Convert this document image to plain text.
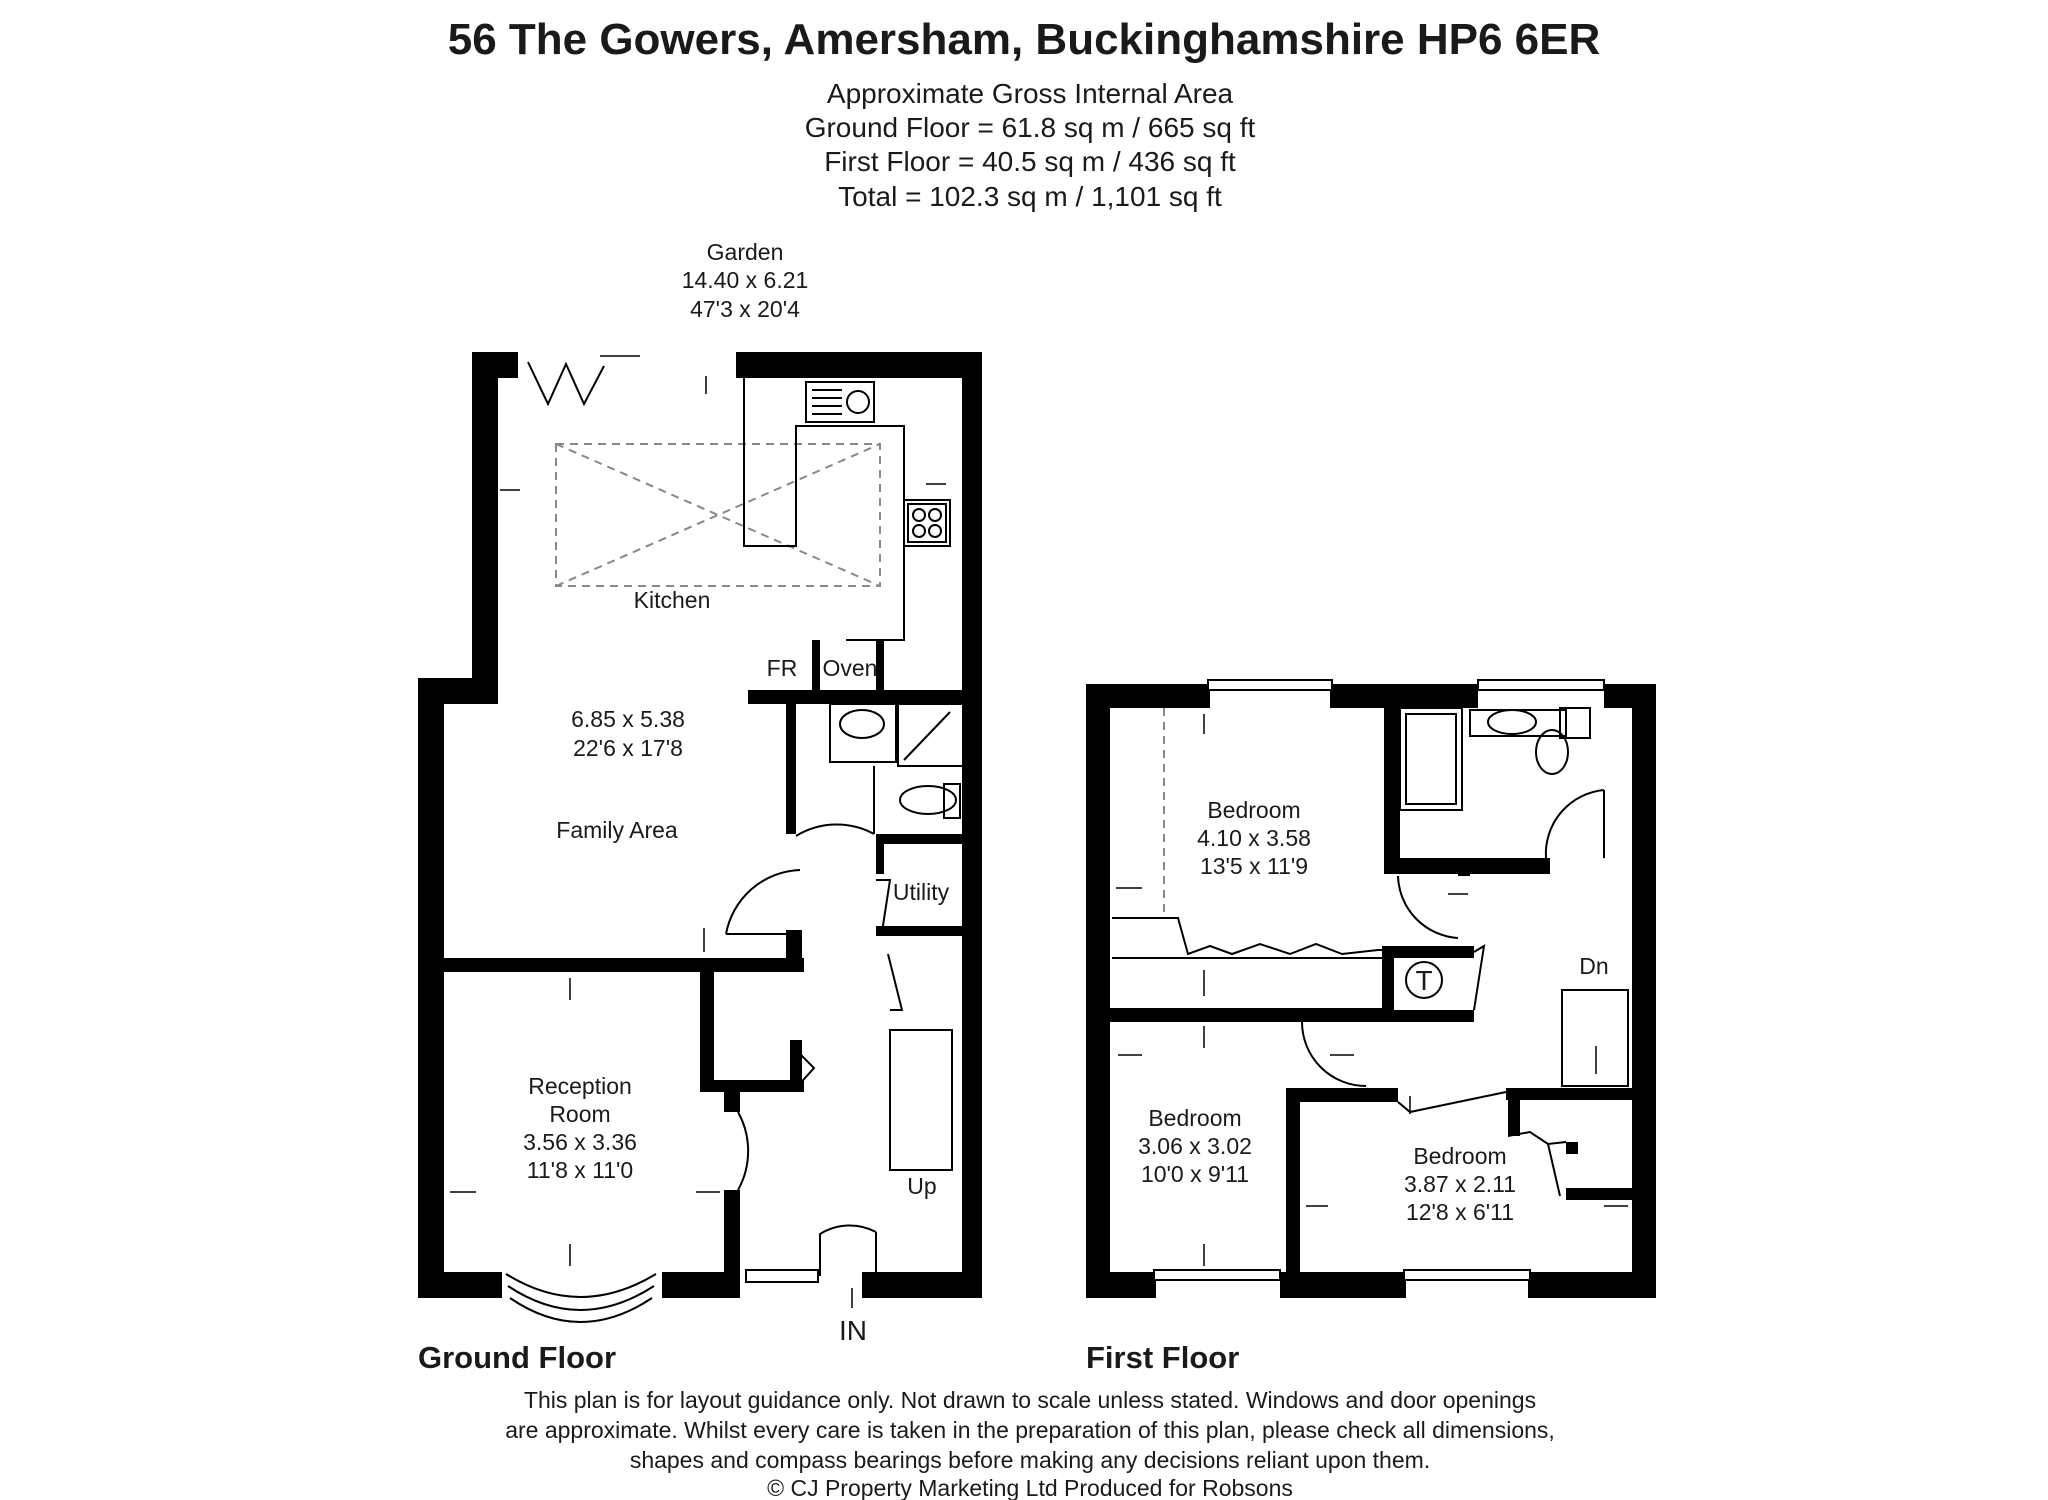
56 The Gowers, Amersham, Buckinghamshire HP6 6ER
Approximate Gross Internal Area
Ground Floor = 61.8 sq m / 665 sq ft
First Floor = 40.5 sq m / 436 sq ft
Total = 102.3 sq m / 1,101 sq ft
Garden
14.40 x 6.21
47'3 x 20'4
Kitchen
FR Oven
6.85 x 5.38
22'6 x 17'8
Family Area
Utility
Reception
Room
3.56 x 3.36
11'8 x 11'0
Up
IN
T
Bedroom
4.10 x 3.58
13'5 x 11'9
Dn
Bedroom
3.06 x 3.02
10'0 x 9'11
Bedroom
3.87 x 2.11
12'8 x 6'11
Ground Floor	First Floor
This plan is for layout guidance only. Not drawn to scale unless stated. Windows and door openings
are approximate. Whilst every care is taken in the preparation of this plan, please check all dimensions,
shapes and compass bearings before making any decisions reliant upon them.
© CJ Property Marketing Ltd Produced for Robsons
